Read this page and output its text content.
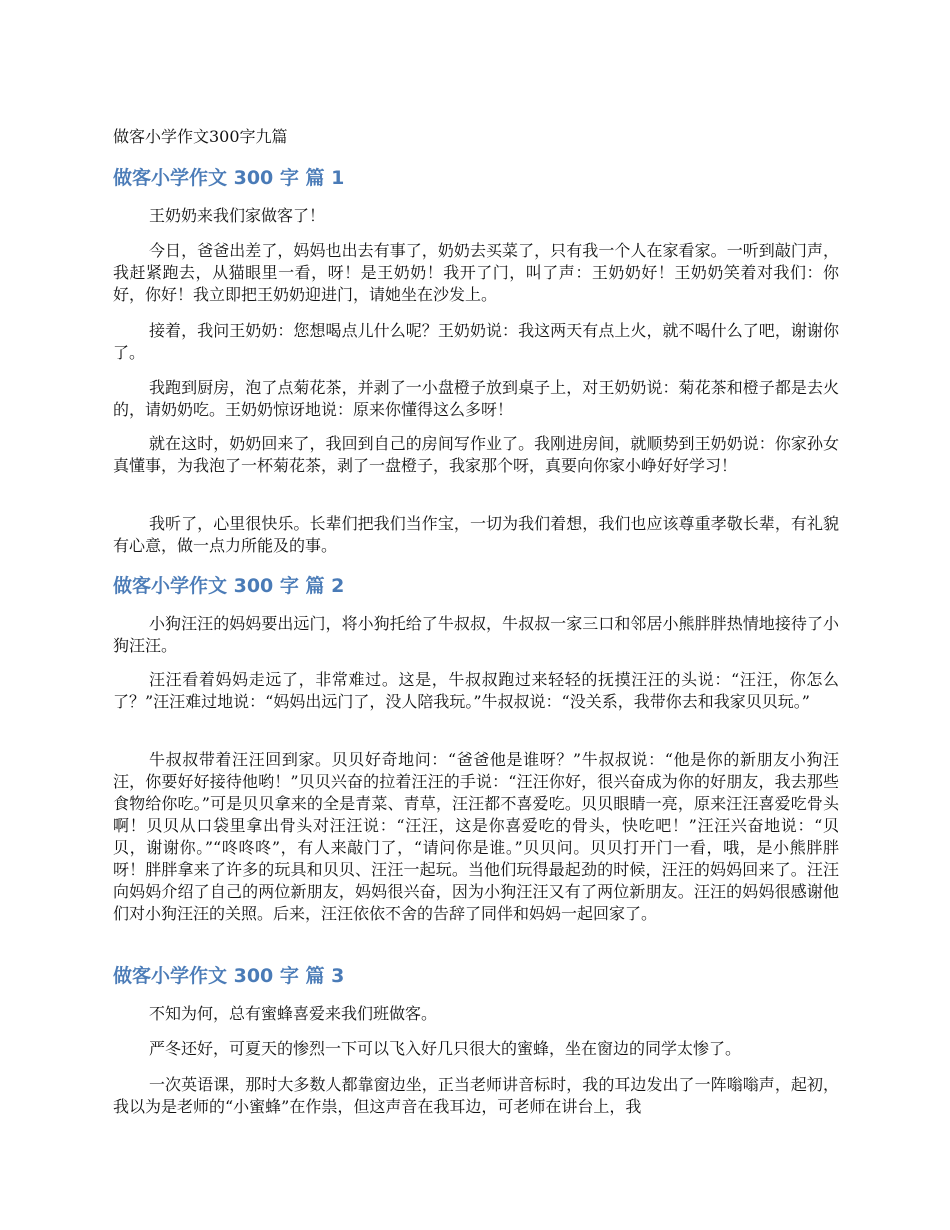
做客小学作文300字九篇
做客小学作文 300 字 篇 1

王奶奶来我们家做客了！

今日，爸爸出差了，妈妈也出去有事了，奶奶去买菜了，只有我一个人在家看家。一听到敲门声，我赶紧跑去，从猫眼里一看，呀！是王奶奶！我开了门，叫了声：王奶奶好！王奶奶笑着对我们：你好，你好！我立即把王奶奶迎进门，请她坐在沙发上。

接着，我问王奶奶：您想喝点儿什么呢？王奶奶说：我这两天有点上火，就不喝什么了吧，谢谢你了。

我跑到厨房，泡了点菊花茶，并剥了一小盘橙子放到桌子上，对王奶奶说：菊花茶和橙子都是去火的，请奶奶吃。王奶奶惊讶地说：原来你懂得这么多呀！

就在这时，奶奶回来了，我回到自己的房间写作业了。我刚进房间，就顺势到王奶奶说：你家孙女真懂事，为我泡了一杯菊花茶，剥了一盘橙子，我家那个呀，真要向你家小峥好好学习！

我听了，心里很快乐。长辈们把我们当作宝，一切为我们着想，我们也应该尊重孝敬长辈，有礼貌有心意，做一点力所能及的事。

做客小学作文 300 字 篇 2

小狗汪汪的妈妈要出远门，将小狗托给了牛叔叔，牛叔叔一家三口和邻居小熊胖胖热情地接待了小狗汪汪。

汪汪看着妈妈走远了，非常难过。这是，牛叔叔跑过来轻轻的抚摸汪汪的头说：“汪汪，你怎么了？”汪汪难过地说：“妈妈出远门了，没人陪我玩。”牛叔叔说：“没关系，我带你去和我家贝贝玩。”

牛叔叔带着汪汪回到家。贝贝好奇地问：“爸爸他是谁呀？”牛叔叔说：“他是你的新朋友小狗汪汪，你要好好接待他哟！”贝贝兴奋的拉着汪汪的手说：“汪汪你好，很兴奋成为你的好朋友，我去那些食物给你吃。”可是贝贝拿来的全是青菜、青草，汪汪都不喜爱吃。贝贝眼睛一亮，原来汪汪喜爱吃骨头啊！贝贝从口袋里拿出骨头对汪汪说：“汪汪，这是你喜爱吃的骨头，快吃吧！”汪汪兴奋地说：“贝贝，谢谢你。”“咚咚咚”，有人来敲门了，“请问你是谁。”贝贝问。贝贝打开门一看，哦，是小熊胖胖呀！胖胖拿来了许多的玩具和贝贝、汪汪一起玩。当他们玩得最起劲的时候，汪汪的妈妈回来了。汪汪向妈妈介绍了自己的两位新朋友，妈妈很兴奋，因为小狗汪汪又有了两位新朋友。汪汪的妈妈很感谢他们对小狗汪汪的关照。后来，汪汪依依不舍的告辞了同伴和妈妈一起回家了。

做客小学作文 300 字 篇 3

不知为何，总有蜜蜂喜爱来我们班做客。

严冬还好，可夏天的惨烈一下可以飞入好几只很大的蜜蜂，坐在窗边的同学太惨了。

一次英语课，那时大多数人都靠窗边坐，正当老师讲音标时，我的耳边发出了一阵嗡嗡声，起初，我以为是老师的“小蜜蜂”在作祟，但这声音在我耳边，可老师在讲台上，我
